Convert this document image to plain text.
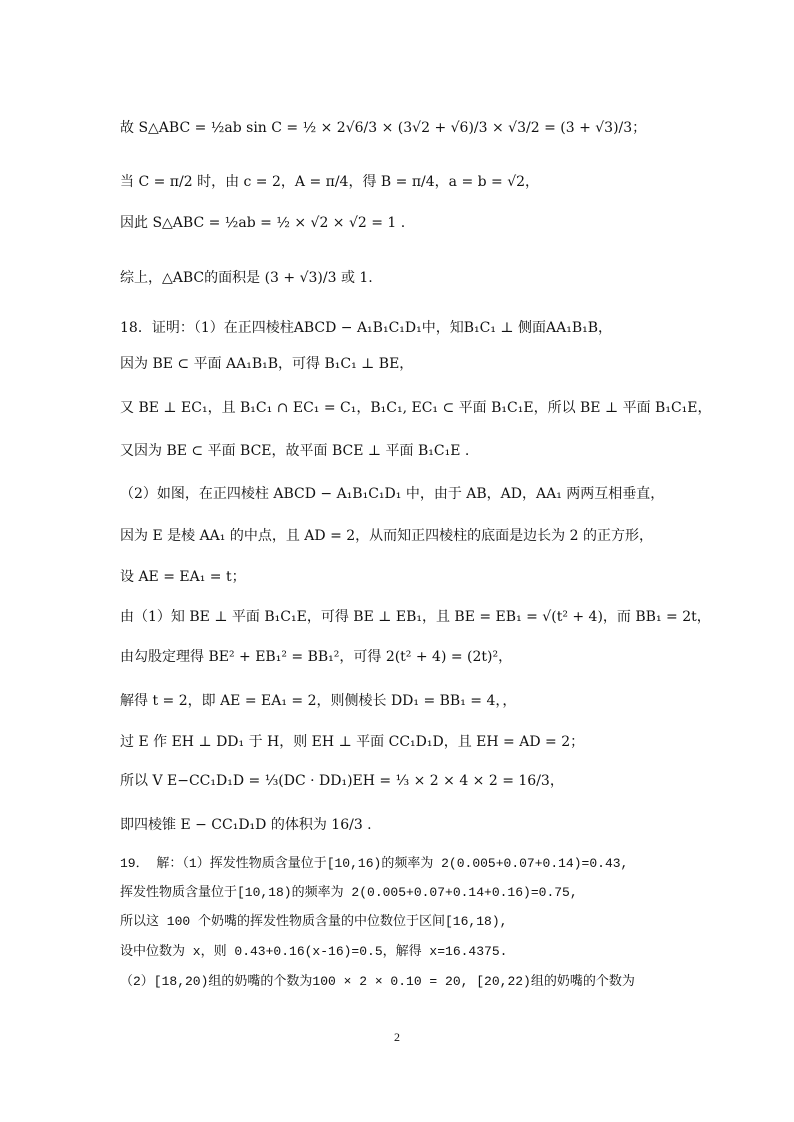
故 S△ABC = ½ab sin C = ½ × 2√6/3 × (3√2 + √6)/3 × √3/2 = (3 + √3)/3；
当 C = π/2 时，由 c = 2，A = π/4，得 B = π/4，a = b = √2，
因此 S△ABC = ½ab = ½ × √2 × √2 = 1 .
综上，△ABC的面积是 (3 + √3)/3 或 1.
18．证明：（1）在正四棱柱ABCD − A₁B₁C₁D₁中，知B₁C₁ ⊥ 侧面AA₁B₁B，
因为 BE ⊂ 平面 AA₁B₁B，可得 B₁C₁ ⊥ BE，
又 BE ⊥ EC₁，且 B₁C₁ ∩ EC₁ = C₁，B₁C₁, EC₁ ⊂ 平面 B₁C₁E，所以 BE ⊥ 平面 B₁C₁E，
又因为 BE ⊂ 平面 BCE，故平面 BCE ⊥ 平面 B₁C₁E .
（2）如图，在正四棱柱 ABCD − A₁B₁C₁D₁ 中，由于 AB，AD，AA₁ 两两互相垂直，
因为 E 是棱 AA₁ 的中点，且 AD = 2，从而知正四棱柱的底面是边长为 2 的正方形，
设 AE = EA₁ = t；
由（1）知 BE ⊥ 平面 B₁C₁E，可得 BE ⊥ EB₁，且 BE = EB₁ = √(t² + 4)，而 BB₁ = 2t，
由勾股定理得 BE² + EB₁² = BB₁²，可得 2(t² + 4) = (2t)²，
解得 t = 2，即 AE = EA₁ = 2，则侧棱长 DD₁ = BB₁ = 4，，
过 E 作 EH ⊥ DD₁ 于 H，则 EH ⊥ 平面 CC₁D₁D，且 EH = AD = 2；
所以 V E−CC₁D₁D = ⅓(DC · DD₁)EH = ⅓ × 2 × 4 × 2 = 16/3，
即四棱锥 E − CC₁D₁D 的体积为 16/3 .
19． 解：（1）挥发性物质含量位于[10,16)的频率为 2(0.005+0.07+0.14)=0.43,
挥发性物质含量位于[10,18)的频率为 2(0.005+0.07+0.14+0.16)=0.75,
所以这 100 个奶嘴的挥发性物质含量的中位数位于区间[16,18),
设中位数为 x，则 0.43+0.16(x-16)=0.5，解得 x=16.4375.
（2）[18,20)组的奶嘴的个数为100 × 2 × 0.10 = 20, [20,22)组的奶嘴的个数为
2
